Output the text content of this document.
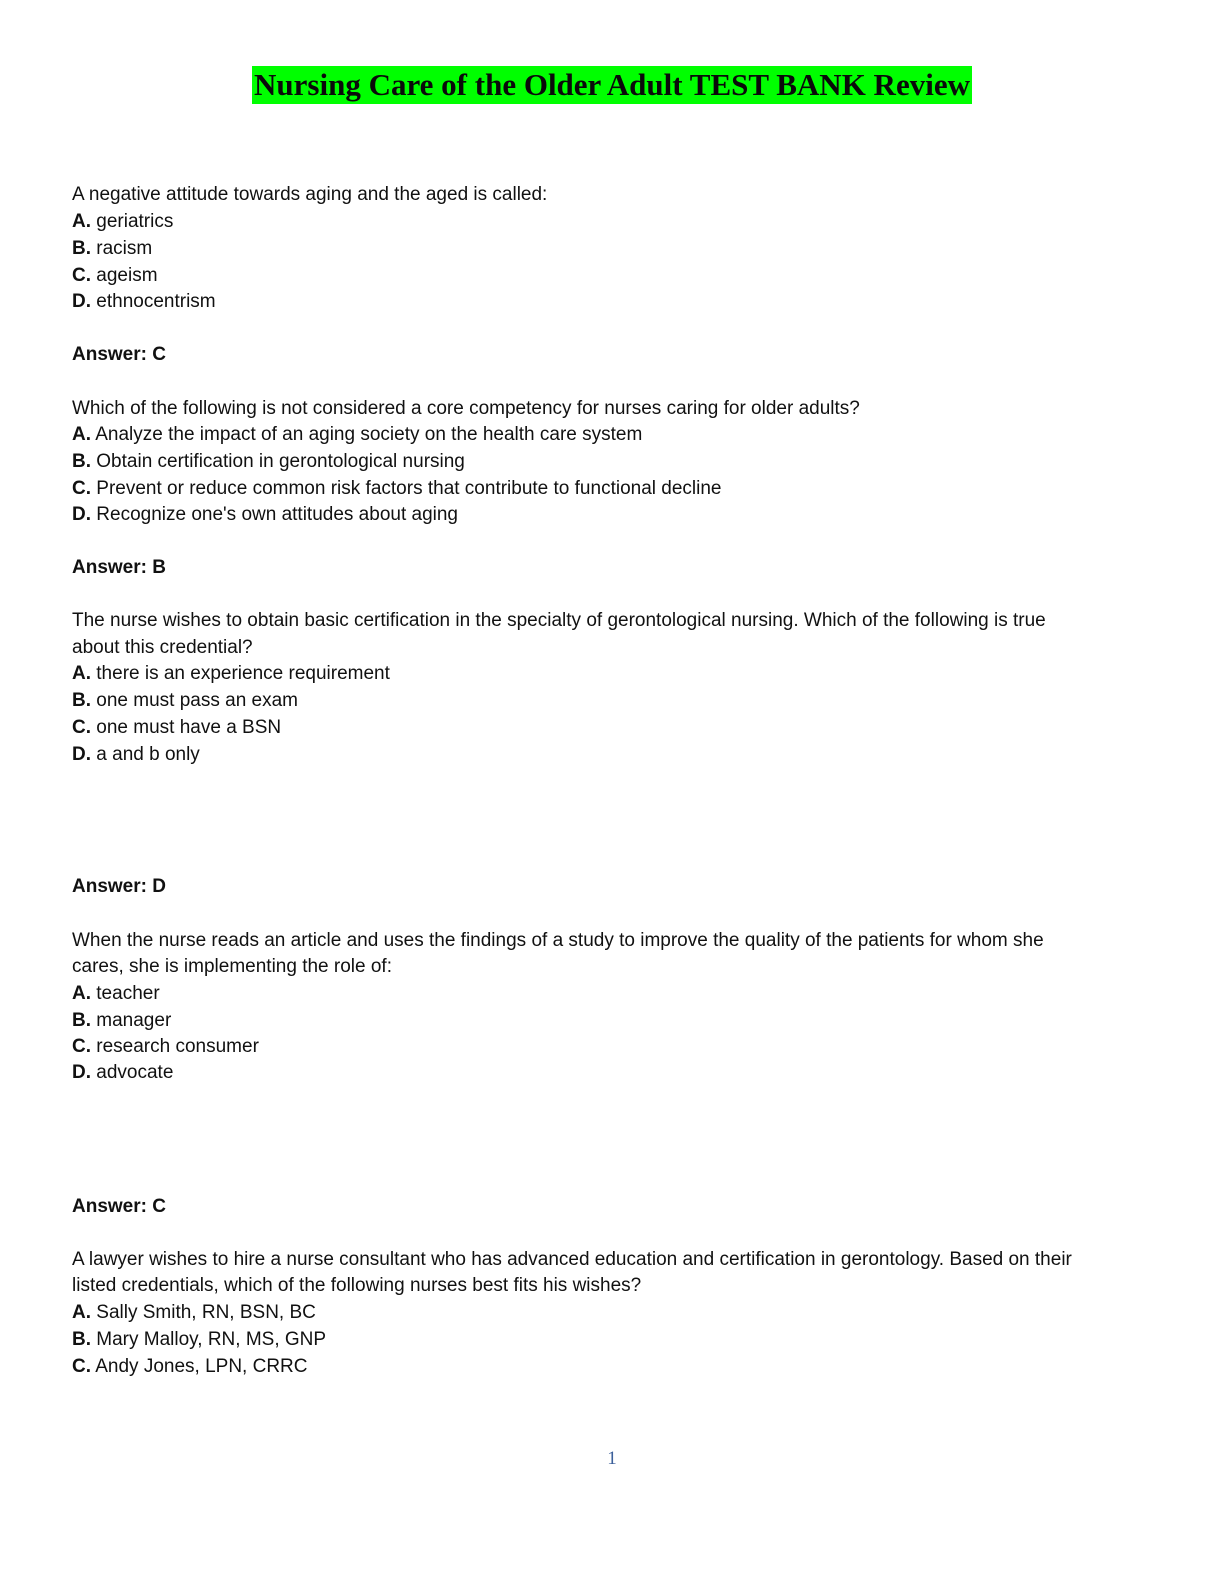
Nursing Care of the Older Adult TEST BANK Review
A negative attitude towards aging and the aged is called:
A. geriatrics
B. racism
C. ageism
D. ethnocentrism
Answer: C
Which of the following is not considered a core competency for nurses caring for older adults?
A. Analyze the impact of an aging society on the health care system
B. Obtain certification in gerontological nursing
C. Prevent or reduce common risk factors that contribute to functional decline
D. Recognize one's own attitudes about aging
Answer: B
The nurse wishes to obtain basic certification in the specialty of gerontological nursing. Which of the following is true
about this credential?
A. there is an experience requirement
B. one must pass an exam
C. one must have a BSN
D. a and b only
Answer: D
When the nurse reads an article and uses the findings of a study to improve the quality of the patients for whom she
cares, she is implementing the role of:
A. teacher
B. manager
C. research consumer
D. advocate
Answer: C
A lawyer wishes to hire a nurse consultant who has advanced education and certification in gerontology. Based on their
listed credentials, which of the following nurses best fits his wishes?
A. Sally Smith, RN, BSN, BC
B. Mary Malloy, RN, MS, GNP
C. Andy Jones, LPN, CRRC
1
